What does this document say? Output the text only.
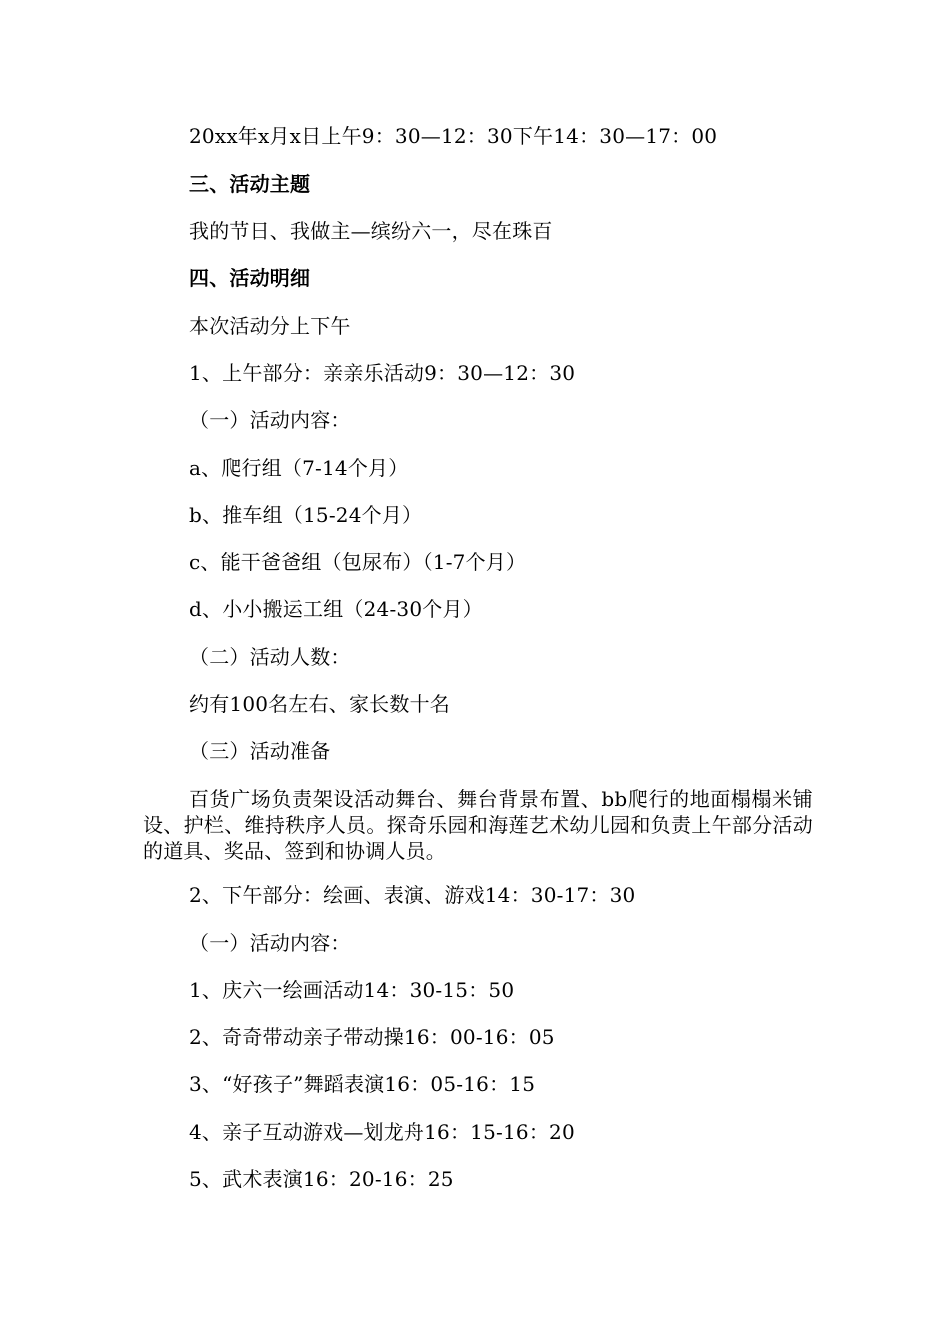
20xx年x月x日上午9：30—12：30下午14：30—17：00
三、活动主题
我的节日、我做主—缤纷六一，尽在珠百
四、活动明细
本次活动分上下午
1、上午部分：亲亲乐活动9：30—12：30
（一）活动内容：
a、爬行组（7-14个月）
b、推车组（15-24个月）
c、能干爸爸组（包尿布）（1-7个月）
d、小小搬运工组（24-30个月）
（二）活动人数：
约有100名左右、家长数十名
（三）活动准备
百货广场负责架设活动舞台、舞台背景布置、bb爬行的地面榻榻米铺设、护栏、维持秩序人员。探奇乐园和海莲艺术幼儿园和负责上午部分活动的道具、奖品、签到和协调人员。
2、下午部分：绘画、表演、游戏14：30-17：30
（一）活动内容：
1、庆六一绘画活动14：30-15：50
2、奇奇带动亲子带动操16：00-16：05
3、“好孩子”舞蹈表演16：05-16：15
4、亲子互动游戏—划龙舟16：15-16：20
5、武术表演16：20-16：25
